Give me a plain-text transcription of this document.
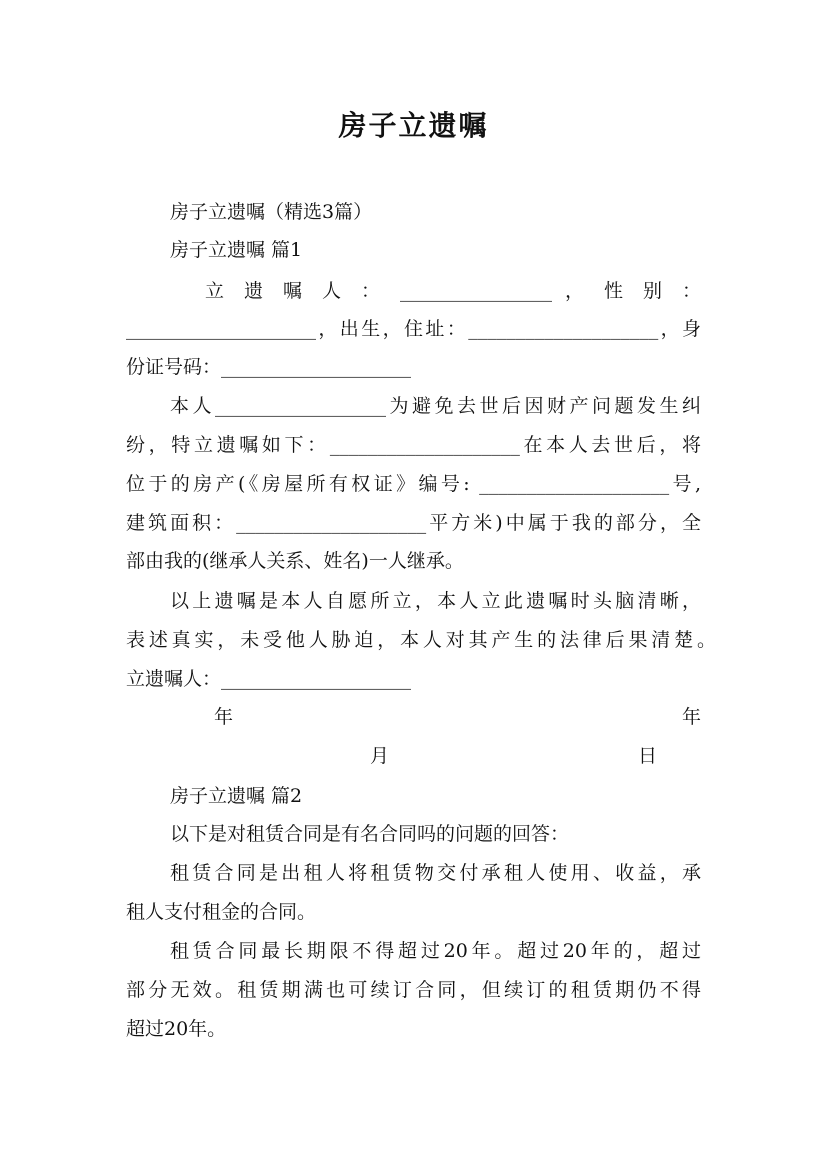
房子立遗嘱
房子立遗嘱（精选3篇）
房子立遗嘱 篇1
立 遗 嘱 人 ： ________________ ， 性 别 ：
____________________，出生，住址：____________________，身
份证号码：____________________
本人__________________为避免去世后因财产问题发生纠
纷，特立遗嘱如下：____________________在本人去世后，将
位于的房产(《房屋所有权证》编号: ____________________号,
建筑面积：____________________平方米)中属于我的部分，全
部由我的(继承人关系、姓名)一人继承。
以上遗嘱是本人自愿所立，本人立此遗嘱时头脑清晰，
表述真实，未受他人胁迫，本人对其产生的法律后果清楚。
立遗嘱人：____________________
年	年
月	日
房子立遗嘱 篇2
以下是对租赁合同是有名合同吗的问题的回答：
租赁合同是出租人将租赁物交付承租人使用、收益，承
租人支付租金的合同。
租赁合同最长期限不得超过20年。超过20年的，超过
部分无效。租赁期满也可续订合同，但续订的租赁期仍不得
超过20年。
